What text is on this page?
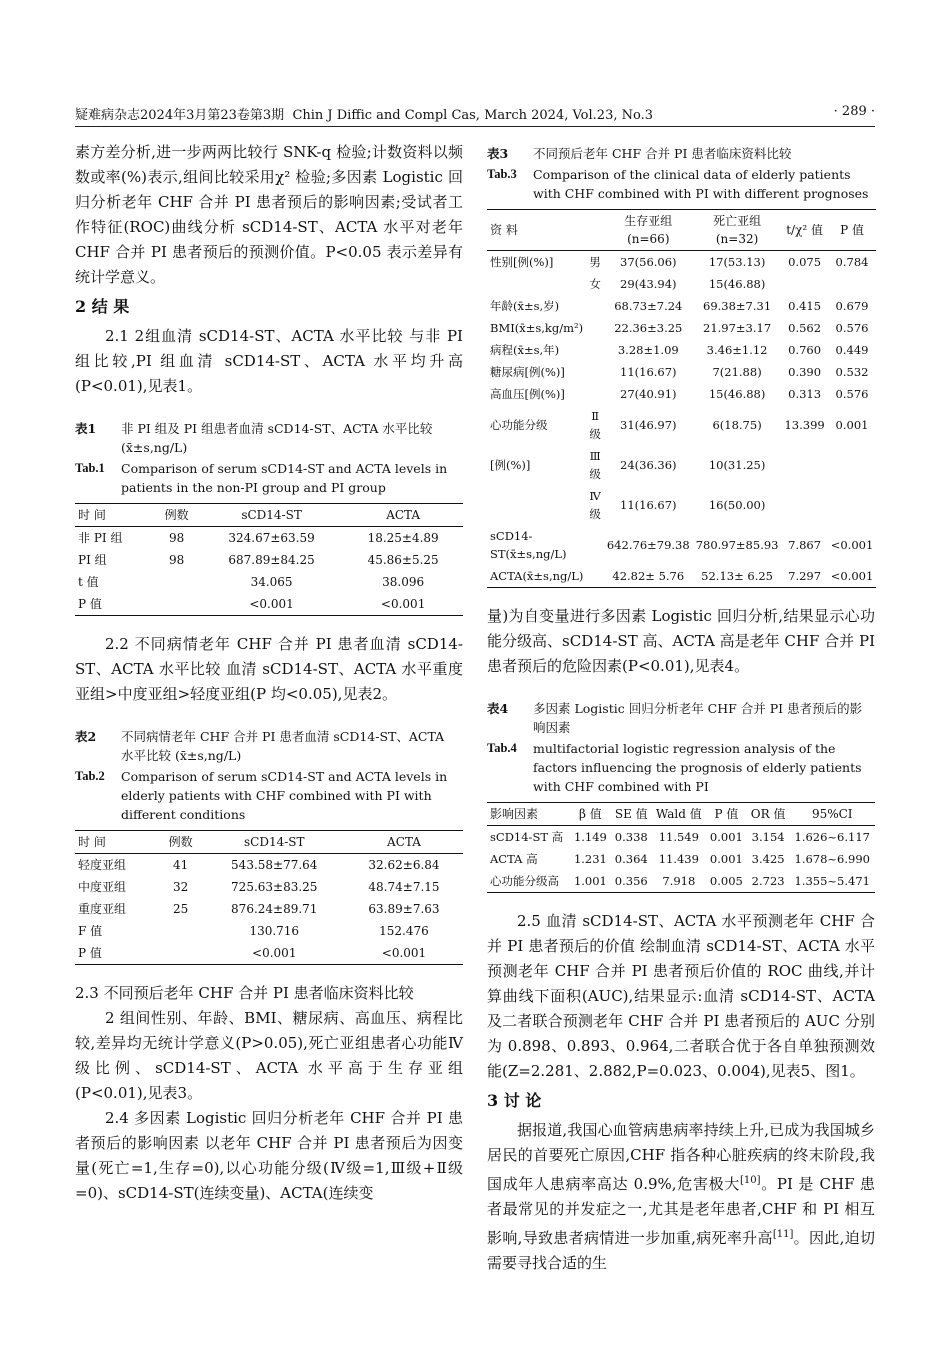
疑难病杂志2024年3月第23卷第3期 Chin J Diffic and Compl Cas, March 2024, Vol.23, No.3	· 289 ·

素方差分析,进一步两两比较行 SNK-q 检验;计数资料以频数或率(%)表示,组间比较采用χ² 检验;多因素 Logistic 回归分析老年 CHF 合并 PI 患者预后的影响因素;受试者工作特征(ROC)曲线分析 sCD14-ST、ACTA 水平对老年 CHF 合并 PI 患者预后的预测价值。P<0.05 表示差异有统计学意义。

2 结 果

2.1 2组血清 sCD14-ST、ACTA 水平比较 与非 PI 组比较,PI 组血清 sCD14-ST、ACTA 水平均升高(P<0.01),见表1。

表1 非 PI 组及 PI 组患者血清 sCD14-ST、ACTA 水平比较 (x̄±s,ng/L)
Tab.1 Comparison of serum sCD14-ST and ACTA levels in patients in the non-PI group and PI group
时 间	例数	sCD14-ST	ACTA
非 PI 组	98	324.67±63.59	18.25±4.89
PI 组	98	687.89±84.25	45.86±5.25
t 值		34.065	38.096
P 值		<0.001	<0.001

2.2 不同病情老年 CHF 合并 PI 患者血清 sCD14-ST、ACTA 水平比较 血清 sCD14-ST、ACTA 水平重度亚组>中度亚组>轻度亚组(P 均<0.05),见表2。

表2 不同病情老年 CHF 合并 PI 患者血清 sCD14-ST、ACTA 水平比较 (x̄±s,ng/L)
Tab.2 Comparison of serum sCD14-ST and ACTA levels in elderly patients with CHF combined with PI with different conditions
时 间	例数	sCD14-ST	ACTA
轻度亚组	41	543.58±77.64	32.62±6.84
中度亚组	32	725.63±83.25	48.74±7.15
重度亚组	25	876.24±89.71	63.89±7.63
F 值		130.716	152.476
P 值		<0.001	<0.001

2.3 不同预后老年 CHF 合并 PI 患者临床资料比较

2 组间性别、年龄、BMI、糖尿病、高血压、病程比较,差异均无统计学意义(P>0.05),死亡亚组患者心功能Ⅳ级比例、sCD14-ST、ACTA 水平高于生存亚组(P<0.01),见表3。

2.4 多因素 Logistic 回归分析老年 CHF 合并 PI 患者预后的影响因素 以老年 CHF 合并 PI 患者预后为因变量(死亡=1,生存=0),以心功能分级(Ⅳ级=1,Ⅲ级+Ⅱ级=0)、sCD14-ST(连续变量)、ACTA(连续变

表3 不同预后老年 CHF 合并 PI 患者临床资料比较
Tab.3 Comparison of the clinical data of elderly patients with CHF combined with PI with different prognoses
资 料		生存亚组 (n=66)	死亡亚组 (n=32)	t/χ² 值	P 值
性别[例(%)]	男	37(56.06)	17(53.13)	0.075	0.784
	女	29(43.94)	15(46.88)		
年龄(x̄±s,岁)		68.73±7.24	69.38±7.31	0.415	0.679
BMI(x̄±s,kg/m²)		22.36±3.25	21.97±3.17	0.562	0.576
病程(x̄±s,年)		3.28±1.09	3.46±1.12	0.760	0.449
糖尿病[例(%)]		11(16.67)	7(21.88)	0.390	0.532
高血压[例(%)]		27(40.91)	15(46.88)	0.313	0.576
心功能分级	Ⅱ级	31(46.97)	6(18.75)	13.399	0.001
[例(%)]	Ⅲ级	24(36.36)	10(31.25)		
	Ⅳ级	11(16.67)	16(50.00)		
sCD14-ST(x̄±s,ng/L)		642.76±79.38	780.97±85.93	7.867	<0.001
ACTA(x̄±s,ng/L)		42.82± 5.76	52.13± 6.25	7.297	<0.001

量)为自变量进行多因素 Logistic 回归分析,结果显示心功能分级高、sCD14-ST 高、ACTA 高是老年 CHF 合并 PI 患者预后的危险因素(P<0.01),见表4。

表4 多因素 Logistic 回归分析老年 CHF 合并 PI 患者预后的影响因素
Tab.4 multifactorial logistic regression analysis of the factors influencing the prognosis of elderly patients with CHF combined with PI
影响因素	β 值	SE 值	Wald 值	P 值	OR 值	95%CI
sCD14-ST 高	1.149	0.338	11.549	0.001	3.154	1.626~6.117
ACTA 高	1.231	0.364	11.439	0.001	3.425	1.678~6.990
心功能分级高	1.001	0.356	7.918	0.005	2.723	1.355~5.471

2.5 血清 sCD14-ST、ACTA 水平预测老年 CHF 合并 PI 患者预后的价值 绘制血清 sCD14-ST、ACTA 水平预测老年 CHF 合并 PI 患者预后价值的 ROC 曲线,并计算曲线下面积(AUC),结果显示:血清 sCD14-ST、ACTA 及二者联合预测老年 CHF 合并 PI 患者预后的 AUC 分别为 0.898、0.893、0.964,二者联合优于各自单独预测效能(Z=2.281、2.882,P=0.023、0.004),见表5、图1。

3 讨 论

据报道,我国心血管病患病率持续上升,已成为我国城乡居民的首要死亡原因,CHF 指各种心脏疾病的终末阶段,我国成年人患病率高达 0.9%,危害极大[10]。PI 是 CHF 患者最常见的并发症之一,尤其是老年患者,CHF 和 PI 相互影响,导致患者病情进一步加重,病死率升高[11]。因此,迫切需要寻找合适的生
